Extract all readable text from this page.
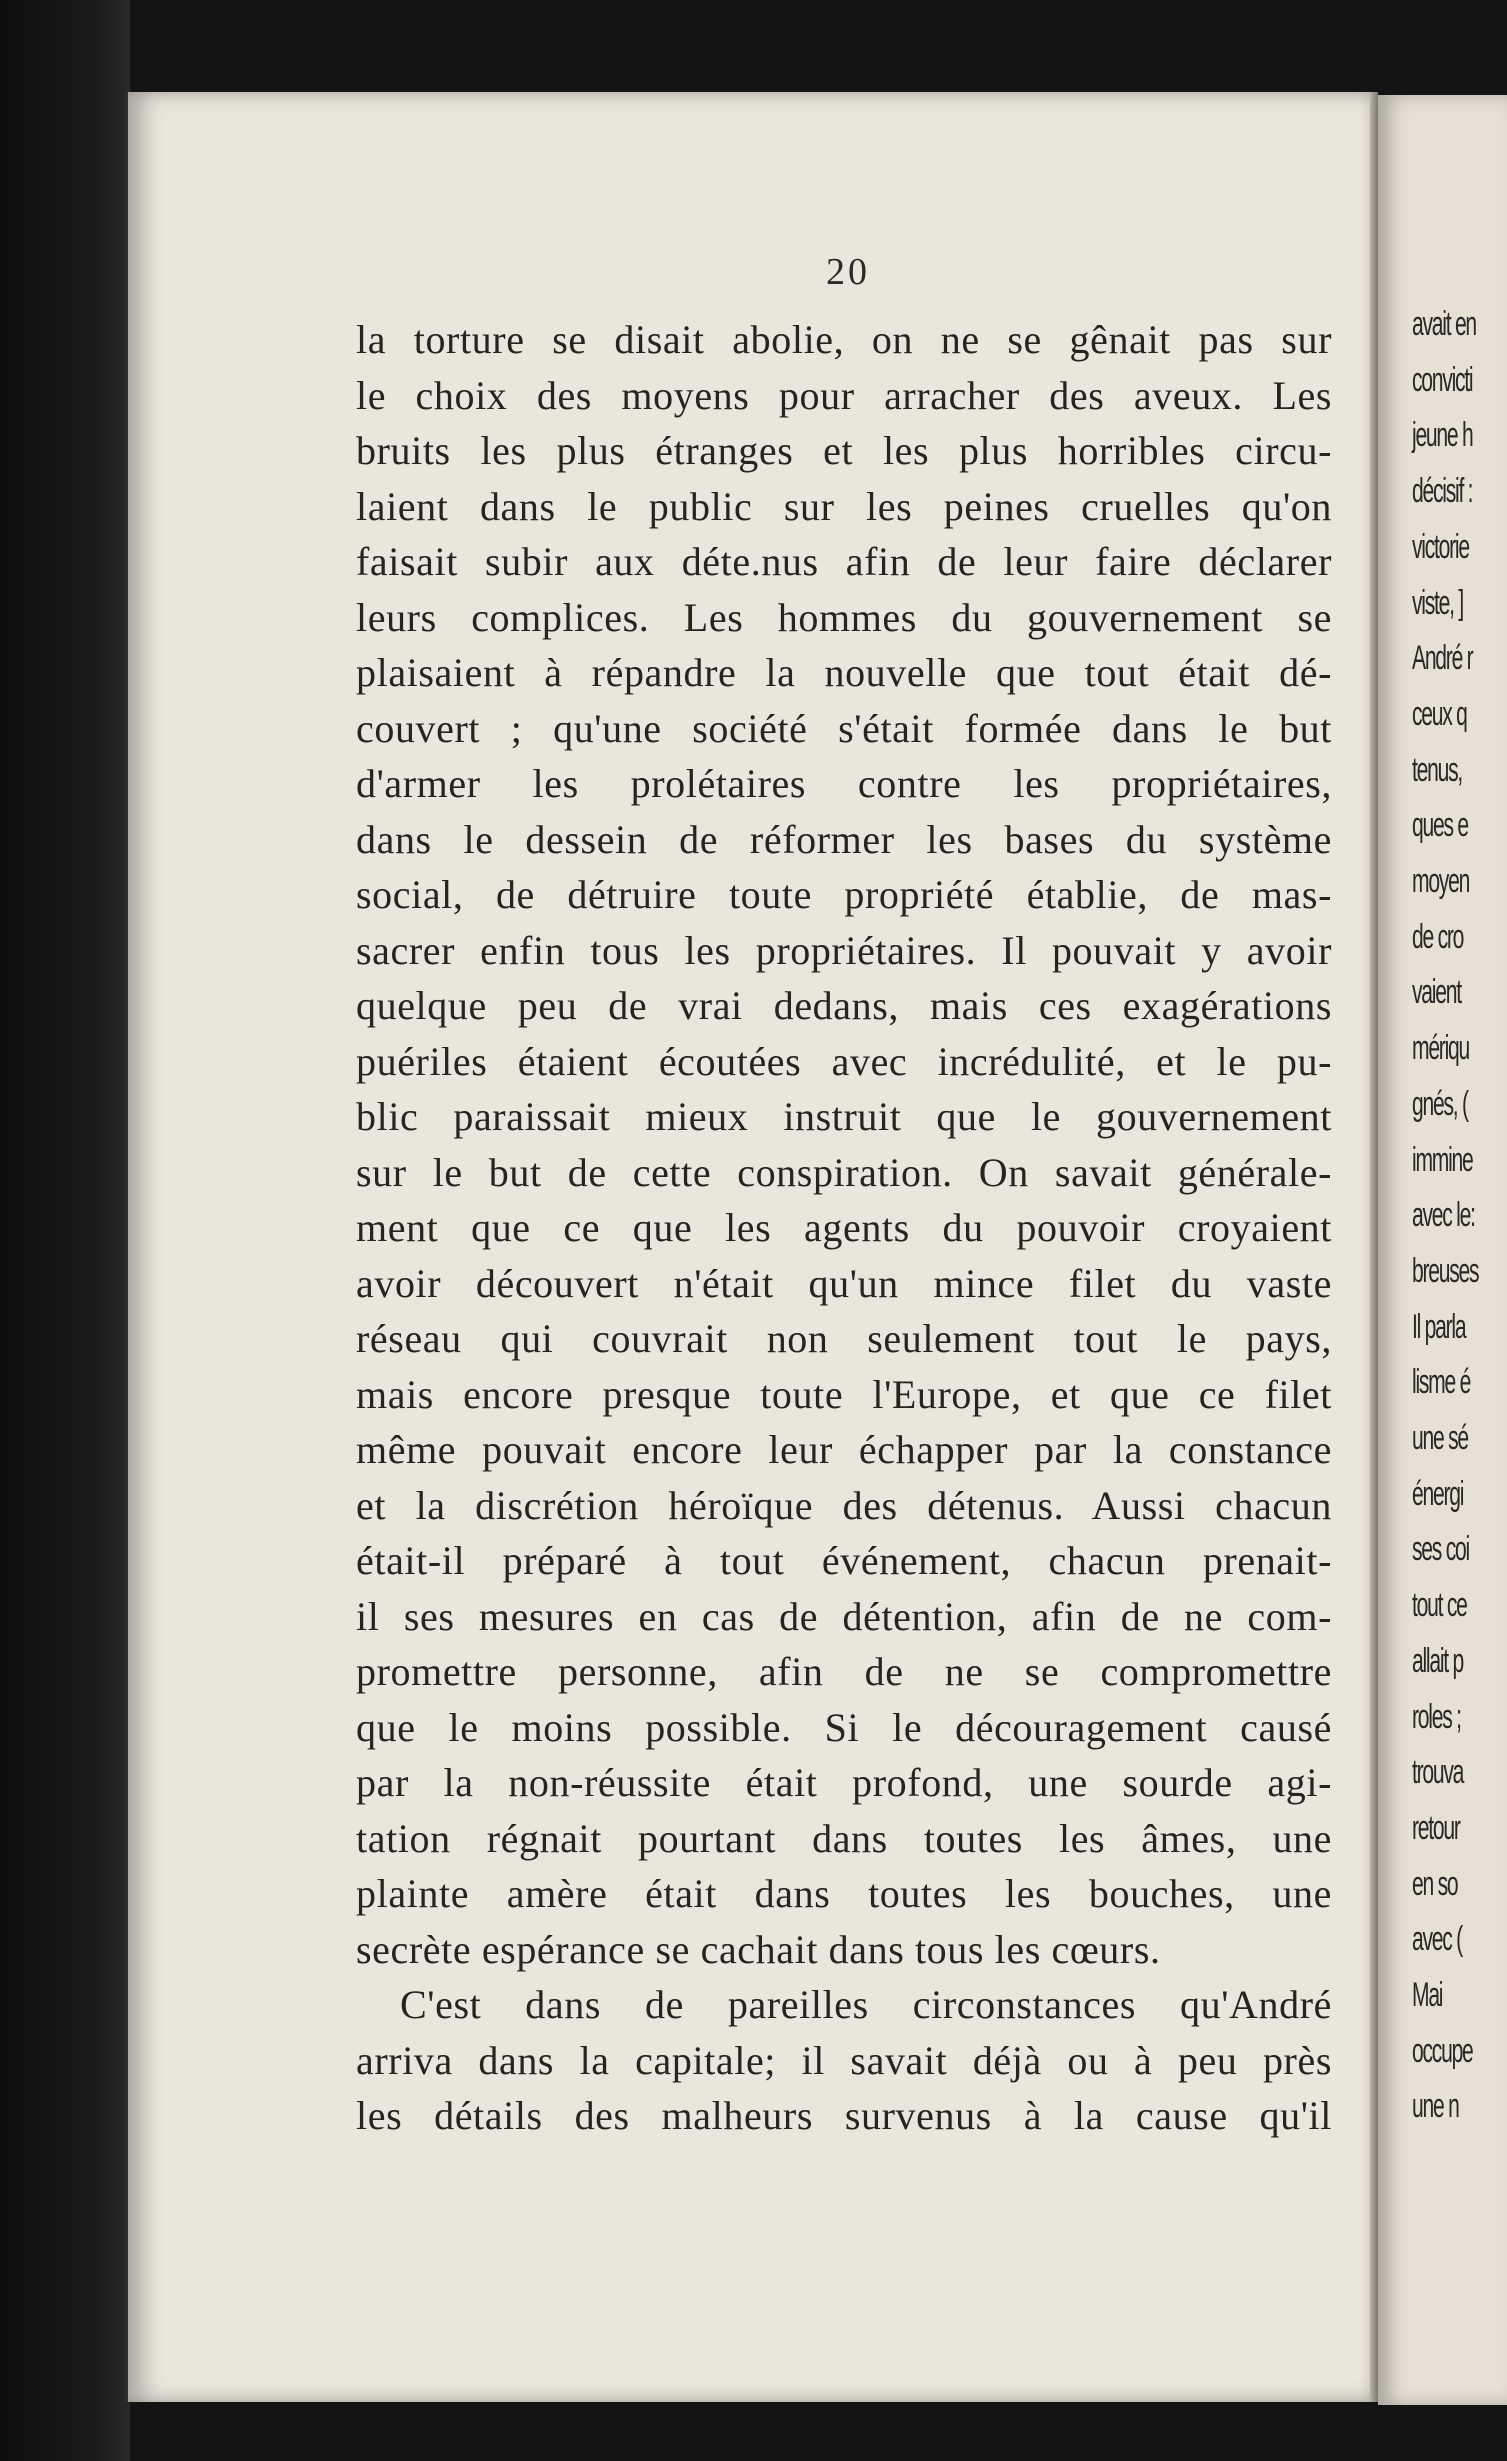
avait en
convicti
jeune h
décisif :
victorie
viste, ]
André r
ceux q
tenus,
ques e
moyen
de cro
vaient
mériqu
gnés, (
immine
avec le:
breuses
Il parla
lisme é
une sé
énergi
ses coi
tout ce
allait p
roles ;
trouva
retour
en so
avec (
Mai
occupe
une n
20
la torture se disait abolie, on ne se gênait pas sur
le choix des moyens pour arracher des aveux. Les
bruits les plus étranges et les plus horribles circu-
laient dans le public sur les peines cruelles qu'on
faisait subir aux déte.nus afin de leur faire déclarer
leurs complices. Les hommes du gouvernement se
plaisaient à répandre la nouvelle que tout était dé-
couvert ; qu'une société s'était formée dans le but
d'armer les prolétaires contre les propriétaires,
dans le dessein de réformer les bases du système
social, de détruire toute propriété établie, de mas-
sacrer enfin tous les propriétaires. Il pouvait y avoir
quelque peu de vrai dedans, mais ces exagérations
puériles étaient écoutées avec incrédulité, et le pu-
blic paraissait mieux instruit que le gouvernement
sur le but de cette conspiration. On savait générale-
ment que ce que les agents du pouvoir croyaient
avoir découvert n'était qu'un mince filet du vaste
réseau qui couvrait non seulement tout le pays,
mais encore presque toute l'Europe, et que ce filet
même pouvait encore leur échapper par la constance
et la discrétion héroïque des détenus. Aussi chacun
était-il préparé à tout événement, chacun prenait-
il ses mesures en cas de détention, afin de ne com-
promettre personne, afin de ne se compromettre
que le moins possible. Si le découragement causé
par la non-réussite était profond, une sourde agi-
tation régnait pourtant dans toutes les âmes, une
plainte amère était dans toutes les bouches, une
secrète espérance se cachait dans tous les cœurs.
C'est dans de pareilles circonstances qu'André
arriva dans la capitale; il savait déjà ou à peu près
les détails des malheurs survenus à la cause qu'il
